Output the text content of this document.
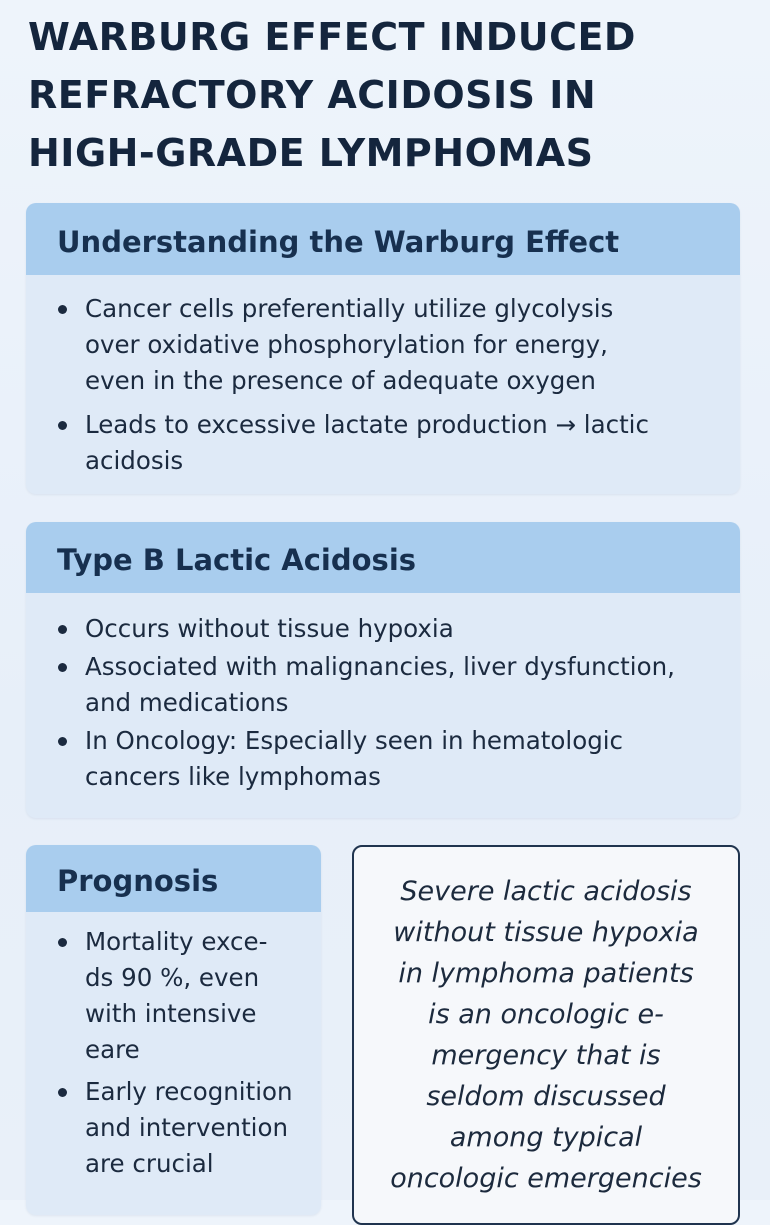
WARBURG EFFECT INDUCED
REFRACTORY ACIDOSIS IN
HIGH-GRADE LYMPHOMAS
Understanding the Warburg Effect
Cancer cells preferentially utilize glycolysis
over oxidative phosphorylation for energy,
even in the presence of adequate oxygen
Leads to excessive lactate production → lactic
acidosis
Type B Lactic Acidosis
Occurs without tissue hypoxia
Associated with malignancies, liver dysfunction,
and medications
In Oncology: Especially seen in hematologic
cancers like lymphomas
Prognosis
Mortality exce-
ds 90 %, even
with intensive
eare
Early recognition
and intervention
are crucial
Severe lactic acidosis
without tissue hypoxia
in lymphoma patients
is an oncologic e-
mergency that is
seldom discussed
among typical
oncologic emergencies
